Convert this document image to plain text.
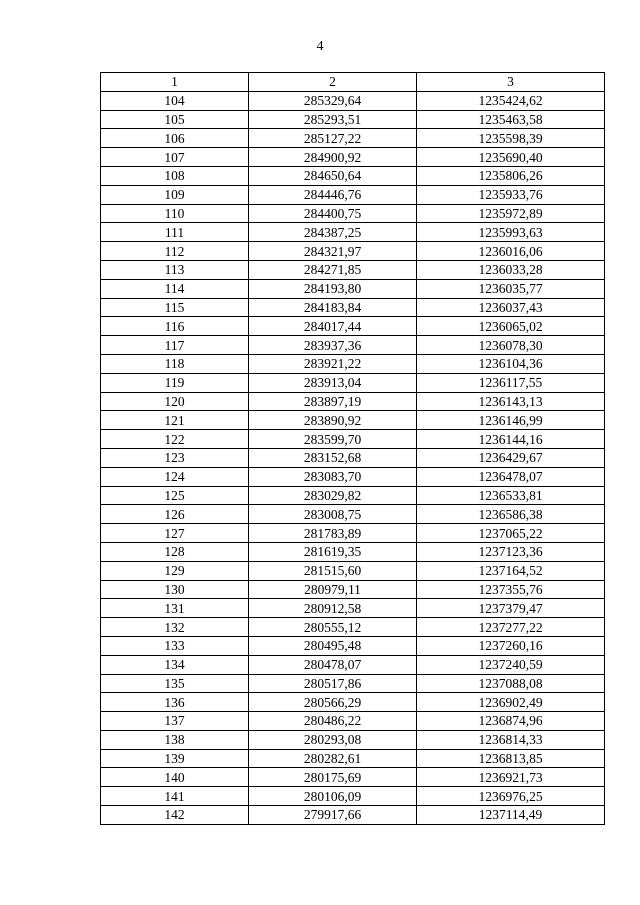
4
1	2	3
104	285329,64	1235424,62
105	285293,51	1235463,58
106	285127,22	1235598,39
107	284900,92	1235690,40
108	284650,64	1235806,26
109	284446,76	1235933,76
110	284400,75	1235972,89
111	284387,25	1235993,63
112	284321,97	1236016,06
113	284271,85	1236033,28
114	284193,80	1236035,77
115	284183,84	1236037,43
116	284017,44	1236065,02
117	283937,36	1236078,30
118	283921,22	1236104,36
119	283913,04	1236117,55
120	283897,19	1236143,13
121	283890,92	1236146,99
122	283599,70	1236144,16
123	283152,68	1236429,67
124	283083,70	1236478,07
125	283029,82	1236533,81
126	283008,75	1236586,38
127	281783,89	1237065,22
128	281619,35	1237123,36
129	281515,60	1237164,52
130	280979,11	1237355,76
131	280912,58	1237379,47
132	280555,12	1237277,22
133	280495,48	1237260,16
134	280478,07	1237240,59
135	280517,86	1237088,08
136	280566,29	1236902,49
137	280486,22	1236874,96
138	280293,08	1236814,33
139	280282,61	1236813,85
140	280175,69	1236921,73
141	280106,09	1236976,25
142	279917,66	1237114,49
